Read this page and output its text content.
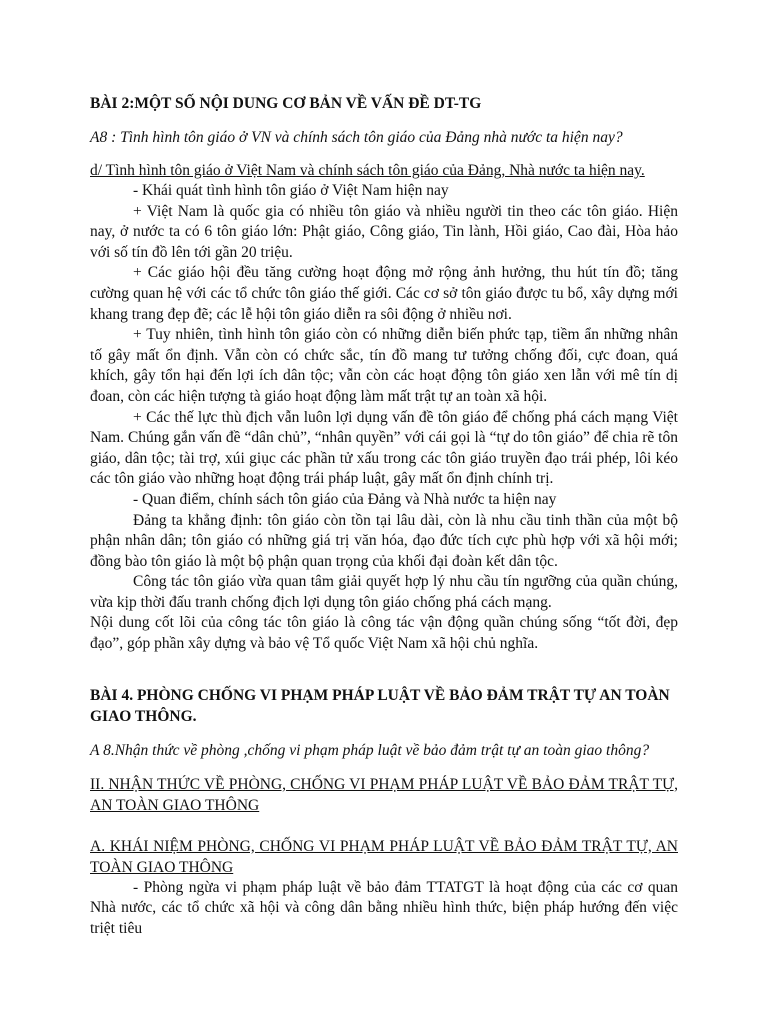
BÀI 2:MỘT SỐ NỘI DUNG CƠ BẢN VỀ VẤN ĐỀ DT-TG

A8 : Tình hình tôn giáo ở VN và chính sách tôn giáo của Đảng nhà nước ta hiện nay?
d/ Tình hình tôn giáo ở Việt Nam và chính sách tôn giáo của Đảng, Nhà nước ta hiện nay.

- Khái quát tình hình tôn giáo ở Việt Nam hiện nay

+ Việt Nam là quốc gia có nhiều tôn giáo và nhiều người tin theo các tôn giáo. Hiện nay, ở nước ta có 6 tôn giáo lớn: Phật giáo, Công giáo, Tin lành, Hồi giáo, Cao đài, Hòa hảo với số tín đồ lên tới gần 20 triệu.

+ Các giáo hội đều tăng cường hoạt động mở rộng ảnh hưởng, thu hút tín đồ; tăng cường quan hệ với các tổ chức tôn giáo thế giới. Các cơ sở tôn giáo được tu bổ, xây dựng mới khang trang đẹp đẽ; các lễ hội tôn giáo diễn ra sôi động ở nhiều nơi.

+ Tuy nhiên, tình hình tôn giáo còn có những diễn biến phức tạp, tiềm ẩn những nhân tố gây mất ổn định. Vẫn còn có chức sắc, tín đồ mang tư tưởng chống đối, cực đoan, quá khích, gây tổn hại đến lợi ích dân tộc; vẫn còn các hoạt động tôn giáo xen lẫn với mê tín dị đoan, còn các hiện tượng tà giáo hoạt động làm mất trật tự an toàn xã hội.

+ Các thế lực thù địch vẫn luôn lợi dụng vấn đề tôn giáo để chống phá cách mạng Việt Nam. Chúng gắn vấn đề “dân chủ”, “nhân quyền” với cái gọi là “tự do tôn giáo” để chia rẽ tôn giáo, dân tộc; tài trợ, xúi giục các phần tử xấu trong các tôn giáo truyền đạo trái phép, lôi kéo các tôn giáo vào những hoạt động trái pháp luật, gây mất ổn định chính trị.

- Quan điểm, chính sách tôn giáo của Đảng và Nhà nước ta hiện nay

Đảng ta khẳng định: tôn giáo còn tồn tại lâu dài, còn là nhu cầu tinh thần của một bộ phận nhân dân; tôn giáo có những giá trị văn hóa, đạo đức tích cực phù hợp với xã hội mới; đồng bào tôn giáo là một bộ phận quan trọng của khối đại đoàn kết dân tộc.

Công tác tôn giáo vừa quan tâm giải quyết hợp lý nhu cầu tín ngưỡng của quần chúng, vừa kịp thời đấu tranh chống địch lợi dụng tôn giáo chống phá cách mạng.

Nội dung cốt lõi của công tác tôn giáo là công tác vận động quần chúng sống “tốt đời, đẹp đạo”, góp phần xây dựng và bảo vệ Tổ quốc Việt Nam xã hội chủ nghĩa.

BÀI 4. PHÒNG CHỐNG VI PHẠM PHÁP LUẬT VỀ BẢO ĐẢM TRẬT TỰ AN TOÀN GIAO THÔNG.

A 8.Nhận thức về phòng ,chống vi phạm pháp luật về bảo đảm trật tự an toàn giao thông?

II. NHẬN THỨC VỀ PHÒNG, CHỐNG VI PHẠM PHÁP LUẬT VỀ BẢO ĐẢM TRẬT TỰ, AN TOÀN GIAO THÔNG

A. KHÁI NIỆM PHÒNG, CHỐNG VI PHẠM PHÁP LUẬT VỀ BẢO ĐẢM TRẬT TỰ, AN TOÀN GIAO THÔNG

- Phòng ngừa vi phạm pháp luật về bảo đảm TTATGT là hoạt động của các cơ quan Nhà nước, các tổ chức xã hội và công dân bằng nhiều hình thức, biện pháp hướng đến việc triệt tiêu
